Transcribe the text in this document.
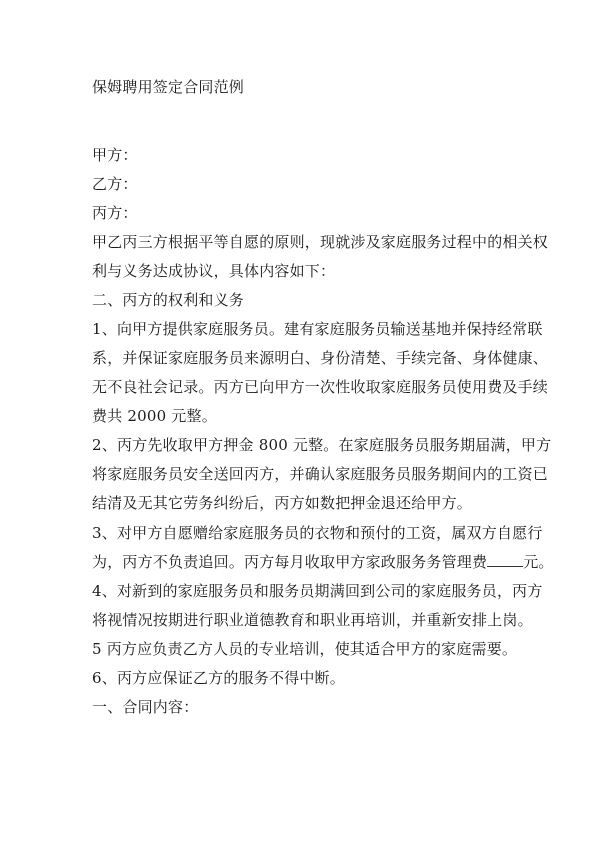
保姆聘用签定合同范例
甲方：
乙方：
丙方：
甲乙丙三方根据平等自愿的原则，现就涉及家庭服务过程中的相关权
利与义务达成协议，具体内容如下：
二、丙方的权利和义务
1、向甲方提供家庭服务员。建有家庭服务员输送基地并保持经常联
系，并保证家庭服务员来源明白、身份清楚、手续完备、身体健康、
无不良社会记录。丙方已向甲方一次性收取家庭服务员使用费及手续
费共 2000 元整。
2、丙方先收取甲方押金 800 元整。在家庭服务员服务期届满，甲方
将家庭服务员安全送回丙方，并确认家庭服务员服务期间内的工资已
结清及无其它劳务纠纷后，丙方如数把押金退还给甲方。
3、对甲方自愿赠给家庭服务员的衣物和预付的工资，属双方自愿行
为，丙方不负责追回。丙方每月收取甲方家政服务务管理费 元。
4、对新到的家庭服务员和服务员期满回到公司的家庭服务员，丙方
将视情况按期进行职业道德教育和职业再培训，并重新安排上岗。
5 丙方应负责乙方人员的专业培训，使其适合甲方的家庭需要。
6、丙方应保证乙方的服务不得中断。
一、合同内容：
